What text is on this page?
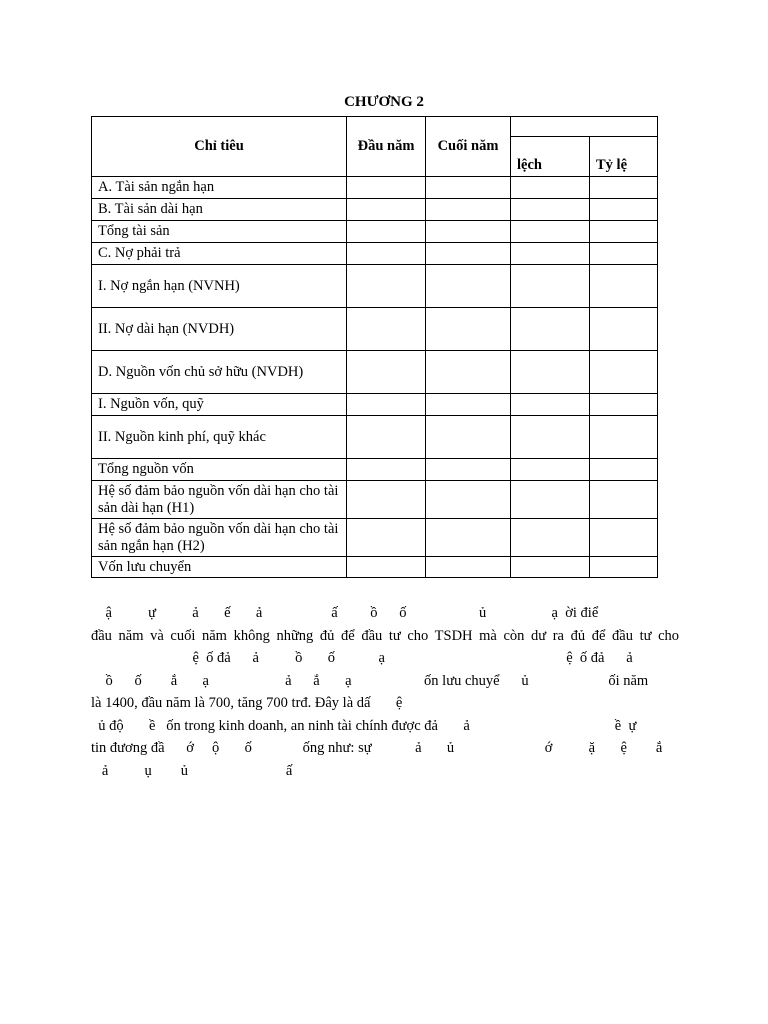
CHƯƠNG 2
Chỉ tiêu	Đầu năm	Cuối năm		
			lệch	Tỷ lệ
A. Tài sản ngắn hạn				
B. Tài sản dài hạn				
Tổng tài sản				
C. Nợ phải trả				
I. Nợ ngắn hạn (NVNH)				
II. Nợ dài hạn (NVDH)				
D. Nguồn vốn chủ sở hữu (NVDH)				
I. Nguồn vốn, quỹ				
II. Nguồn kinh phí, quỹ khác				
Tổng nguồn vốn				
Hệ số đảm bảo nguồn vốn dài hạn cho tài sản dài hạn (H1)				
Hệ số đảm bảo nguồn vốn dài hạn cho tài sản ngắn hạn (H2)				
Vốn lưu chuyển				
ậ          ự          ả       ế       ả                   ấ         ồ      ố                    ủ                  ạ  ời điể
đầu năm và cuối năm không những đủ để đầu tư cho TSDH mà còn dư ra đủ để đầu tư cho
ệ  ố đả      ả          ồ       ố            ạ                                                  ệ  ố đả      ả
ồ      ố        ắ       ạ                     ả      ắ       ạ                    ốn lưu chuyể      ủ                      ối năm
là 1400, đầu năm là 700, tăng 700 trđ. Đây là dấ       ệ
ủ độ       ề   ốn trong kinh doanh, an ninh tài chính được đả       ả                                        ề  ự
tin đương đầ      ớ     ộ       ố              ống như: sự            ả       ủ                         ớ          ặ       ệ        ắ
ả          ụ        ủ                           ấ
